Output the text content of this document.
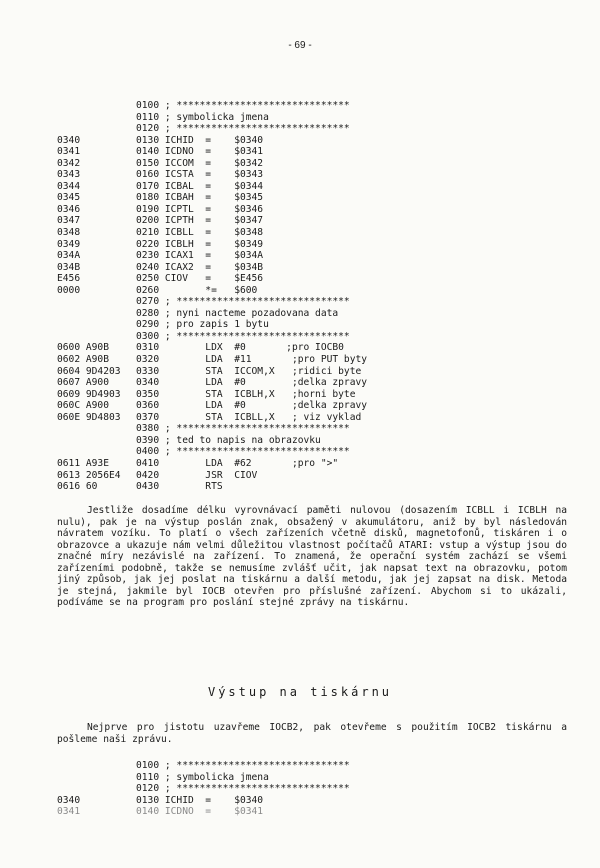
- 69 -
0100 ; ******************************
0110 ; symbolicka jmena
0120 ; ******************************
0340	0130 ICHID  =    $0340
0341	0140 ICDNO  =    $0341
0342	0150 ICCOM  =    $0342
0343	0160 ICSTA  =    $0343
0344	0170 ICBAL  =    $0344
0345	0180 ICBAH  =    $0345
0346	0190 ICPTL  =    $0346
0347	0200 ICPTH  =    $0347
0348	0210 ICBLL  =    $0348
0349	0220 ICBLH  =    $0349
034A	0230 ICAX1  =    $034A
034B	0240 ICAX2  =    $034B
E456	0250 CIOV   =    $E456
0000	0260        *=   $600
0270 ; ******************************
0280 ; nyni nacteme pozadovana data
0290 ; pro zapis 1 bytu
0300 ; ******************************
0600 A90B	0310        LDX  #0       ;pro IOCB0
0602 A90B	0320        LDA  #11       ;pro PUT byty
0604 9D4203 0330        STA  ICCOM,X   ;ridici byte
0607 A900	0340        LDA  #0        ;delka zpravy
0609 9D4903 0350        STA  ICBLH,X   ;horni byte
060C A900	0360        LDA  #0        ;delka zpravy
060E 9D4803 0370        STA  ICBLL,X   ; viz vyklad
0380 ; ******************************
0390 ; ted to napis na obrazovku
0400 ; ******************************
0611 A93E	0410        LDA  #62       ;pro ">"
0613 2056E4 0420        JSR  CIOV
0616 60	0430        RTS

Jestliže dosadíme délku vyrovnávací paměti nulovou (dosazením ICBLL i ICBLH na nulu), pak je na výstup poslán znak, obsažený v akumulátoru, aniž by byl následován návratem vozíku. To platí o všech zařízeních včetně disků, magnetofonů, tiskáren i o obrazovce a ukazuje nám velmi důležitou vlastnost počítačů ATARI: vstup a výstup jsou do značné míry nezávislé na zařízení. To znamená, že operační systém zachází se všemi zařízeními podobně, takže se nemusíme zvlášť učit, jak napsat text na obrazovku, potom jiný způsob, jak jej poslat na tiskárnu a další metodu, jak jej zapsat na disk. Metoda je stejná, jakmile byl IOCB otevřen pro příslušné zařízení. Abychom si to ukázali, podíváme se na program pro poslání stejné zprávy na tiskárnu.

Výstup na tiskárnu

Nejprve pro jistotu uzavřeme IOCB2, pak otevřeme s použitím IOCB2 tiskárnu a pošleme naši zprávu.

0100 ; ******************************
0110 ; symbolicka jmena
0120 ; ******************************
0340	0130 ICHID  =    $0340
0341	0140 ICDNO  =    $0341
